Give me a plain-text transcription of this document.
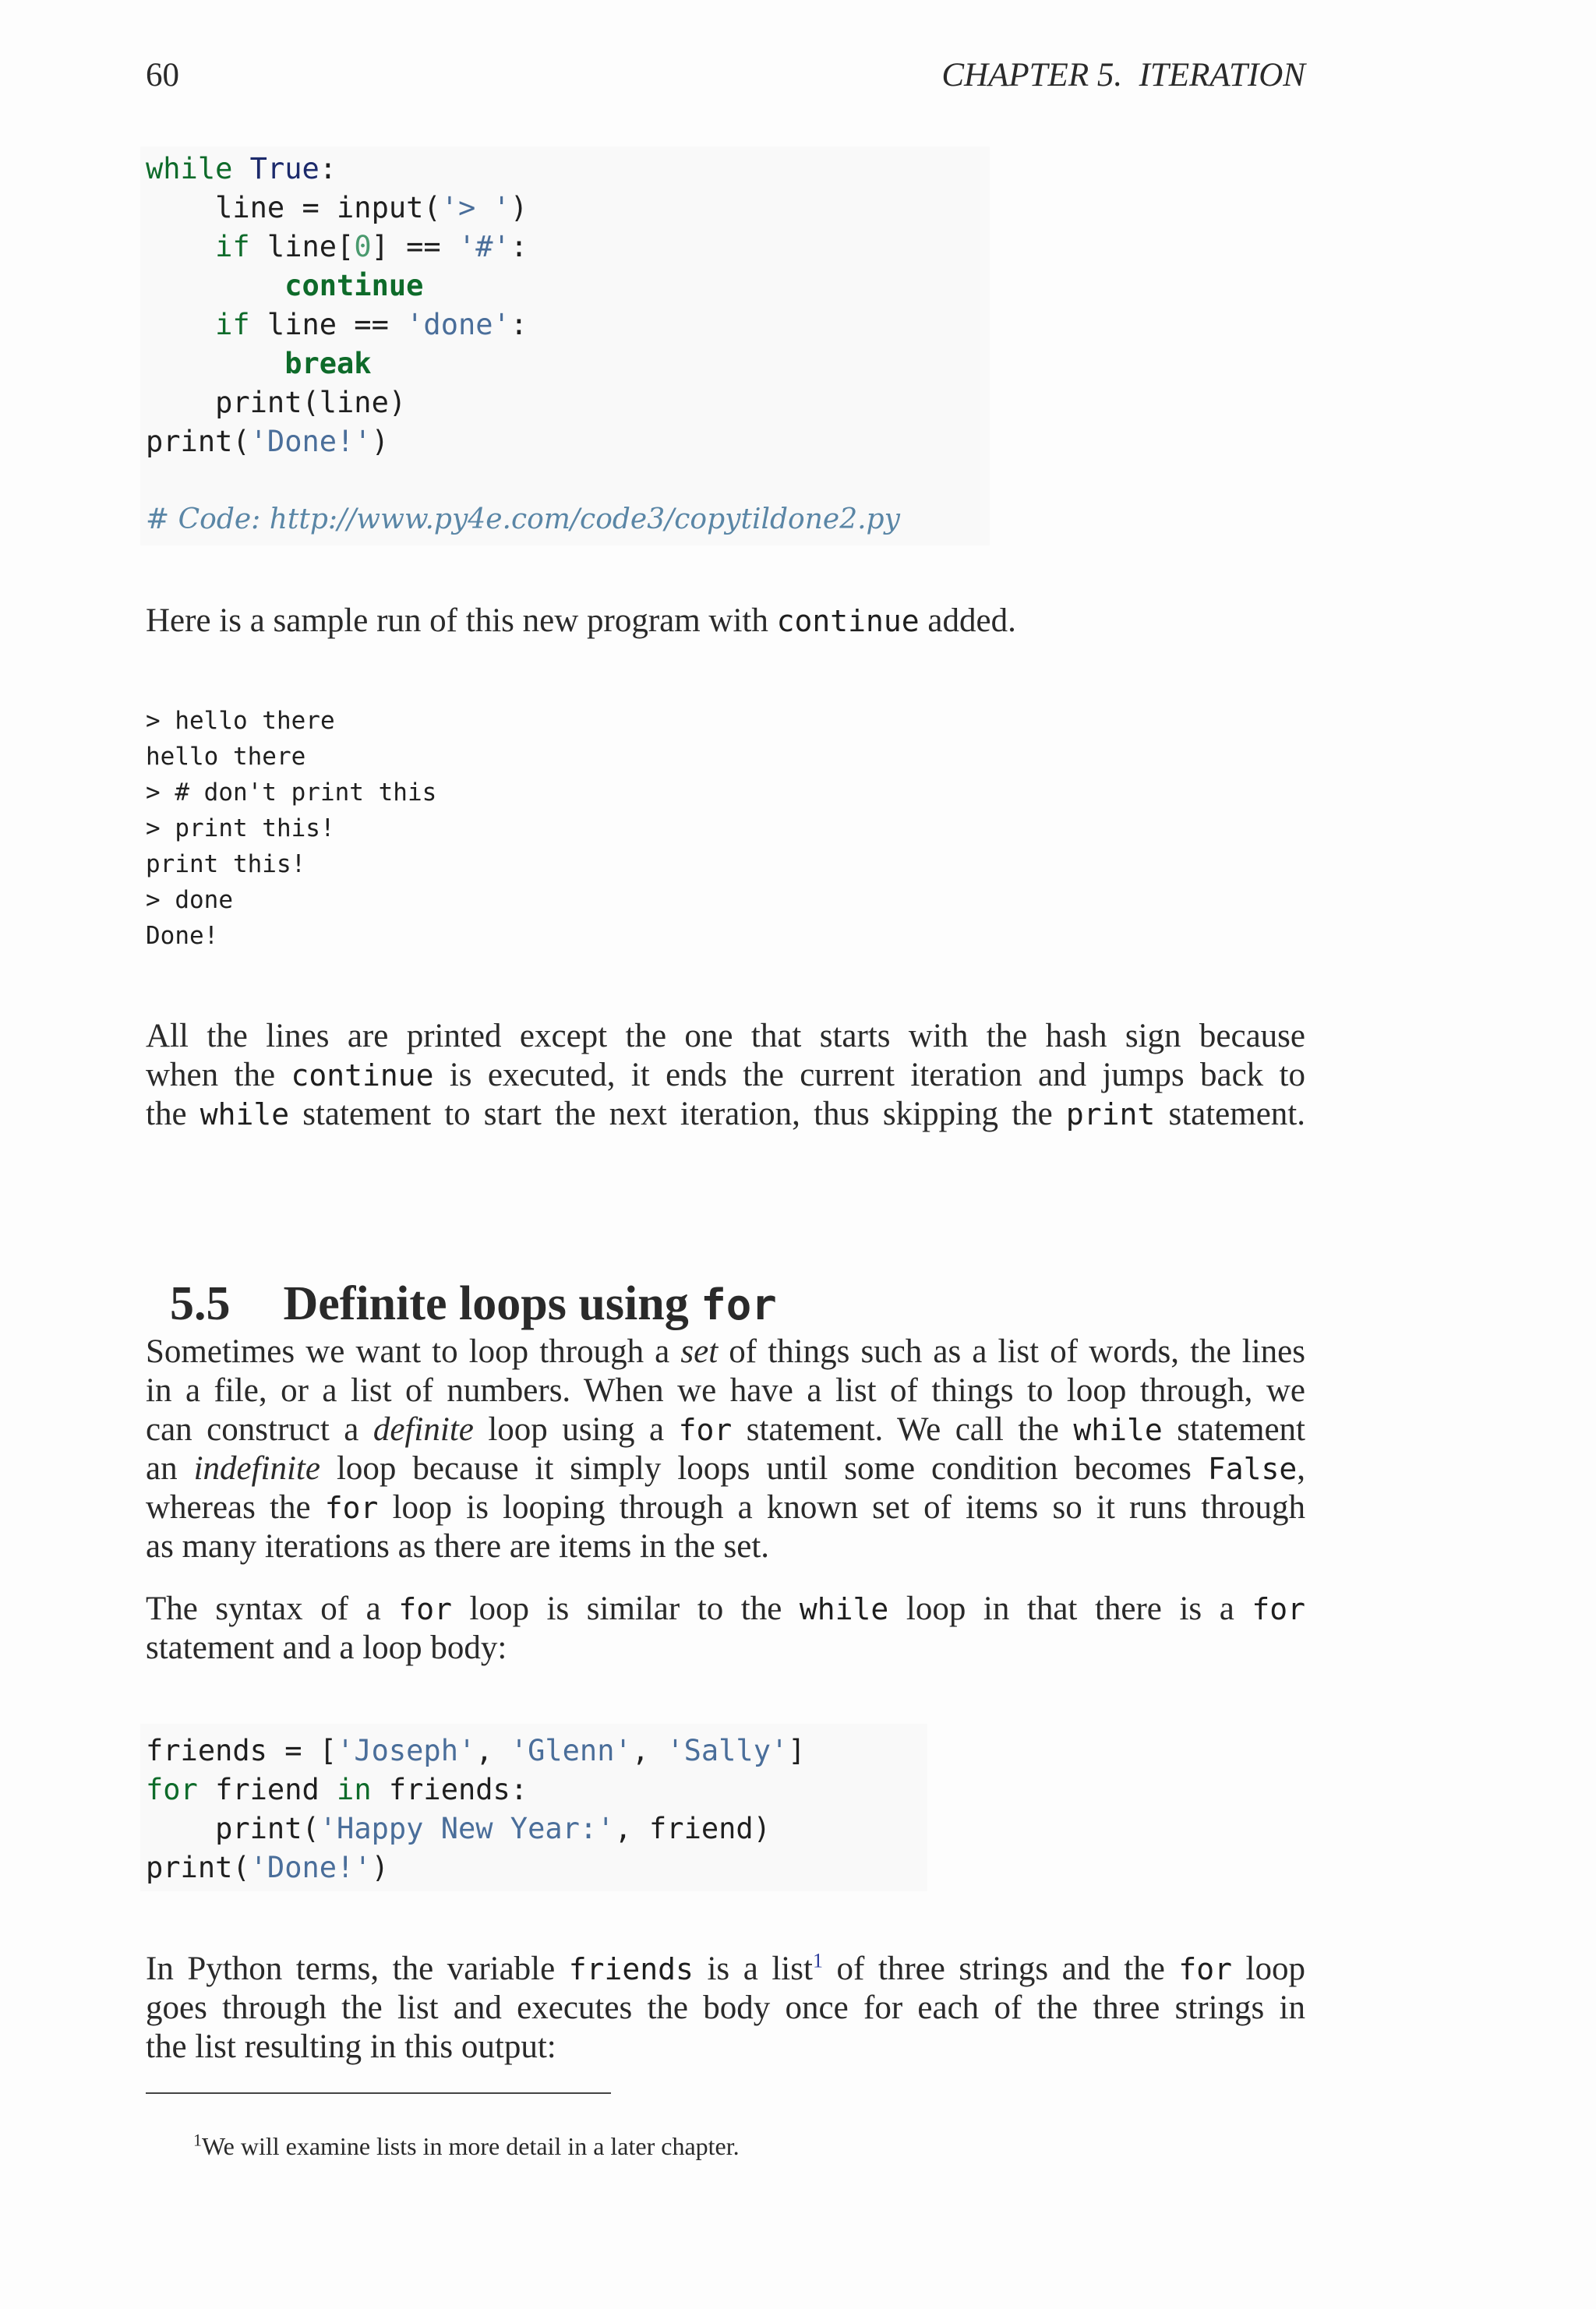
60	CHAPTER 5.  ITERATION
while True:
line = input('> ')
if line[0] == '#':
continue
if line == 'done':
break
print(line)
print('Done!')
# Code: http://www.py4e.com/code3/copytildone2.py
Here is a sample run of this new program with continue added.
> hello there
hello there
> # don't print this
> print this!
print this!
> done
Done!
All the lines are printed except the one that starts with the hash sign because
when the continue is executed, it ends the current iteration and jumps back to
the while statement to start the next iteration, thus skipping the print statement.

5.5 Definite loops using for

Sometimes we want to loop through a set of things such as a list of words, the lines
in a file, or a list of numbers. When we have a list of things to loop through, we
can construct a definite loop using a for statement. We call the while statement
an indefinite loop because it simply loops until some condition becomes False,
whereas the for loop is looping through a known set of items so it runs through
as many iterations as there are items in the set.
The syntax of a for loop is similar to the while loop in that there is a for
statement and a loop body:
friends = ['Joseph', 'Glenn', 'Sally']
for friend in friends:
print('Happy New Year:', friend)
print('Done!')
In Python terms, the variable friends is a list$^1$ of three strings and the for loop
goes through the list and executes the body once for each of the three strings in
the list resulting in this output:

$^1$We will examine lists in more detail in a later chapter.
